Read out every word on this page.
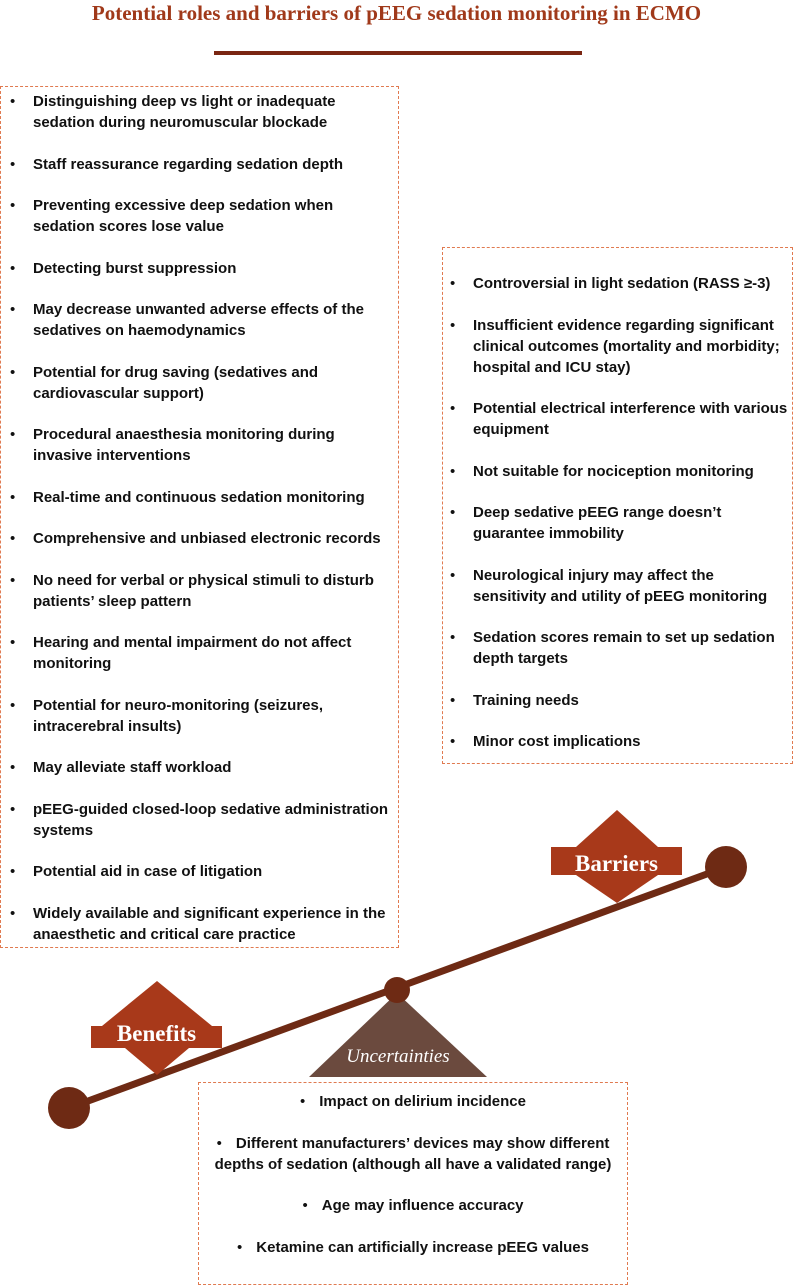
Potential roles and barriers of pEEG sedation monitoring in ECMO
• Distinguishing deep vs light or inadequate sedation during neuromuscular blockade
• Staff reassurance regarding sedation depth
• Preventing excessive deep sedation when sedation scores lose value
• Detecting burst suppression
• May decrease unwanted adverse effects of the sedatives on haemodynamics
• Potential for drug saving (sedatives and cardiovascular support)
• Procedural anaesthesia monitoring during invasive interventions
• Real-time and continuous sedation monitoring
• Comprehensive and unbiased electronic records
• No need for verbal or physical stimuli to disturb patients’ sleep pattern
• Hearing and mental impairment do not affect monitoring
• Potential for neuro-monitoring (seizures, intracerebral insults)
• May alleviate staff workload
• pEEG-guided closed-loop sedative administration systems
• Potential aid in case of litigation
• Widely available and significant experience in the anaesthetic and critical care practice
• Controversial in light sedation (RASS ≥-3)
• Insufficient evidence regarding significant clinical outcomes (mortality and morbidity; hospital and ICU stay)
• Potential electrical interference with various equipment
• Not suitable for nociception monitoring
• Deep sedative pEEG range doesn’t guarantee immobility
• Neurological injury may affect the sensitivity and utility of pEEG monitoring
• Sedation scores remain to set up sedation depth targets
• Training needs
• Minor cost implications
Benefits
Barriers
Uncertainties
• Impact on delirium incidence
• Different manufacturers’ devices may show different depths of sedation (although all have a validated range)
• Age may influence accuracy
• Ketamine can artificially increase pEEG values
